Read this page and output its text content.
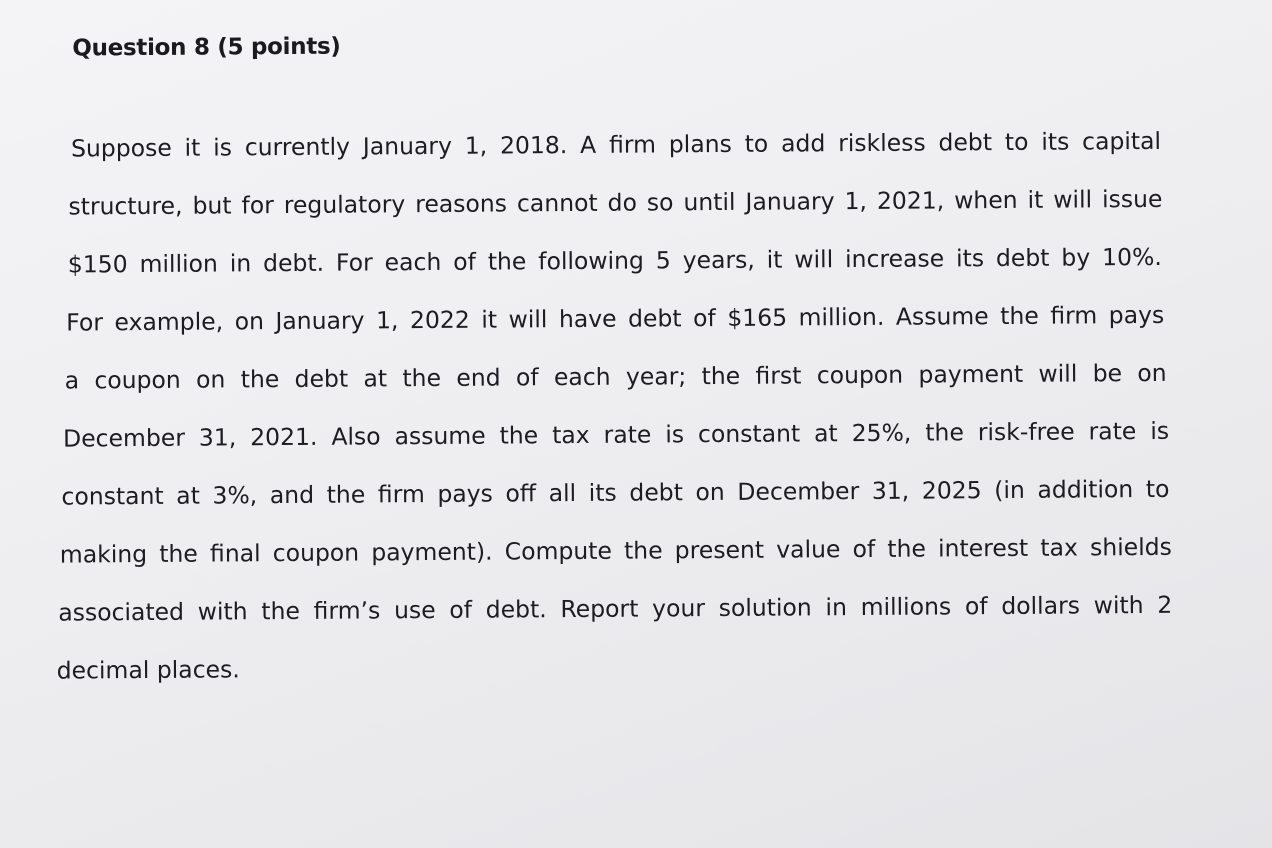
Question 8 (5 points)
Suppose it is currently January 1, 2018. A firm plans to add riskless debt to its capital
structure, but for regulatory reasons cannot do so until January 1, 2021, when it will issue
$150 million in debt. For each of the following 5 years, it will increase its debt by 10%.
For example, on January 1, 2022 it will have debt of $165 million. Assume the firm pays
a coupon on the debt at the end of each year; the first coupon payment will be on
December 31, 2021. Also assume the tax rate is constant at 25%, the risk-free rate is
constant at 3%, and the firm pays off all its debt on December 31, 2025 (in addition to
making the final coupon payment). Compute the present value of the interest tax shields
associated with the firm’s use of debt. Report your solution in millions of dollars with 2
decimal places.
